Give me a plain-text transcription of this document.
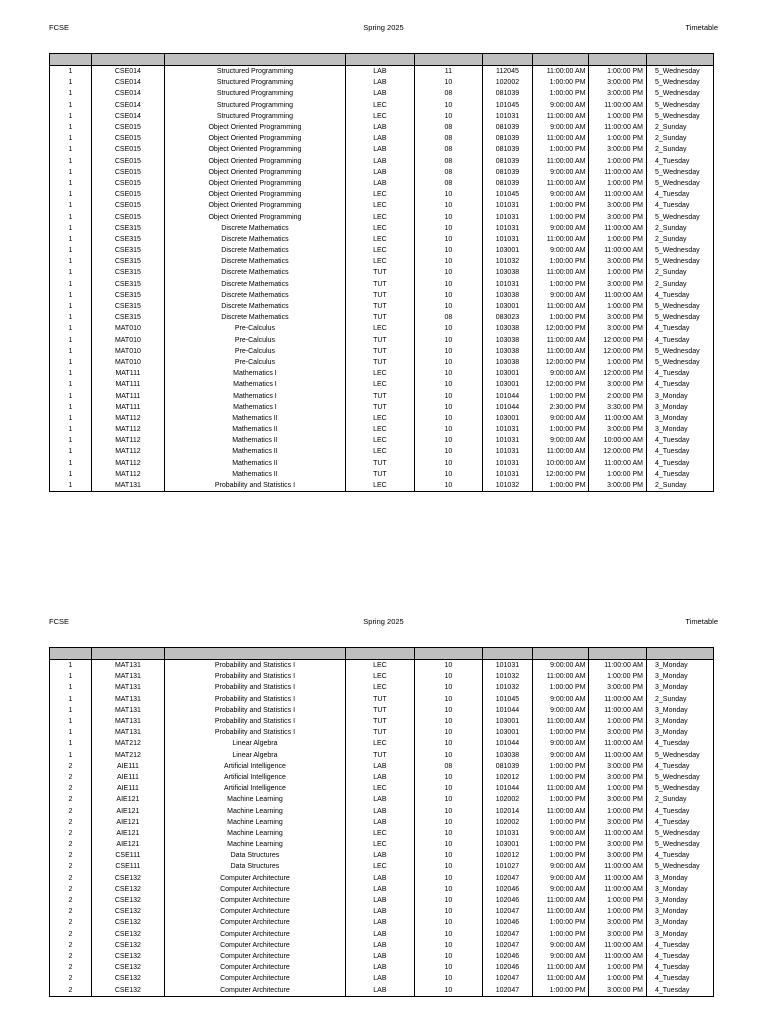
FCSE	Spring 2025	Timetable

1	CSE014	Structured Programming	LAB	11	112045	11:00:00 AM	1:00:00 PM	5_Wednesday
1	CSE014	Structured Programming	LAB	10	102002	1:00:00 PM	3:00:00 PM	5_Wednesday
1	CSE014	Structured Programming	LAB	08	081039	1:00:00 PM	3:00:00 PM	5_Wednesday
1	CSE014	Structured Programming	LEC	10	101045	9:00:00 AM	11:00:00 AM	5_Wednesday
1	CSE014	Structured Programming	LEC	10	101031	11:00:00 AM	1:00:00 PM	5_Wednesday
1	CSE015	Object Oriented Programming	LAB	08	081039	9:00:00 AM	11:00:00 AM	2_Sunday
1	CSE015	Object Oriented Programming	LAB	08	081039	11:00:00 AM	1:00:00 PM	2_Sunday
1	CSE015	Object Oriented Programming	LAB	08	081039	1:00:00 PM	3:00:00 PM	2_Sunday
1	CSE015	Object Oriented Programming	LAB	08	081039	11:00:00 AM	1:00:00 PM	4_Tuesday
1	CSE015	Object Oriented Programming	LAB	08	081039	9:00:00 AM	11:00:00 AM	5_Wednesday
1	CSE015	Object Oriented Programming	LAB	08	081039	11:00:00 AM	1:00:00 PM	5_Wednesday
1	CSE015	Object Oriented Programming	LEC	10	101045	9:00:00 AM	11:00:00 AM	4_Tuesday
1	CSE015	Object Oriented Programming	LEC	10	101031	1:00:00 PM	3:00:00 PM	4_Tuesday
1	CSE015	Object Oriented Programming	LEC	10	101031	1:00:00 PM	3:00:00 PM	5_Wednesday
1	CSE315	Discrete Mathematics	LEC	10	101031	9:00:00 AM	11:00:00 AM	2_Sunday
1	CSE315	Discrete Mathematics	LEC	10	101031	11:00:00 AM	1:00:00 PM	2_Sunday
1	CSE315	Discrete Mathematics	LEC	10	103001	9:00:00 AM	11:00:00 AM	5_Wednesday
1	CSE315	Discrete Mathematics	LEC	10	101032	1:00:00 PM	3:00:00 PM	5_Wednesday
1	CSE315	Discrete Mathematics	TUT	10	103038	11:00:00 AM	1:00:00 PM	2_Sunday
1	CSE315	Discrete Mathematics	TUT	10	101031	1:00:00 PM	3:00:00 PM	2_Sunday
1	CSE315	Discrete Mathematics	TUT	10	103038	9:00:00 AM	11:00:00 AM	4_Tuesday
1	CSE315	Discrete Mathematics	TUT	10	103001	11:00:00 AM	1:00:00 PM	5_Wednesday
1	CSE315	Discrete Mathematics	TUT	08	083023	1:00:00 PM	3:00:00 PM	5_Wednesday
1	MAT010	Pre-Calculus	LEC	10	103038	12:00:00 PM	3:00:00 PM	4_Tuesday
1	MAT010	Pre-Calculus	TUT	10	103038	11:00:00 AM	12:00:00 PM	4_Tuesday
1	MAT010	Pre-Calculus	TUT	10	103038	11:00:00 AM	12:00:00 PM	5_Wednesday
1	MAT010	Pre-Calculus	TUT	10	103038	12:00:00 PM	1:00:00 PM	5_Wednesday
1	MAT111	Mathematics I	LEC	10	103001	9:00:00 AM	12:00:00 PM	4_Tuesday
1	MAT111	Mathematics I	LEC	10	103001	12:00:00 PM	3:00:00 PM	4_Tuesday
1	MAT111	Mathematics I	TUT	10	101044	1:00:00 PM	2:00:00 PM	3_Monday
1	MAT111	Mathematics I	TUT	10	101044	2:30:00 PM	3:30:00 PM	3_Monday
1	MAT112	Mathematics II	LEC	10	103001	9:00:00 AM	11:00:00 AM	3_Monday
1	MAT112	Mathematics II	LEC	10	101031	1:00:00 PM	3:00:00 PM	3_Monday
1	MAT112	Mathematics II	LEC	10	101031	9:00:00 AM	10:00:00 AM	4_Tuesday
1	MAT112	Mathematics II	LEC	10	101031	11:00:00 AM	12:00:00 PM	4_Tuesday
1	MAT112	Mathematics II	TUT	10	101031	10:00:00 AM	11:00:00 AM	4_Tuesday
1	MAT112	Mathematics II	TUT	10	101031	12:00:00 PM	1:00:00 PM	4_Tuesday
1	MAT131	Probability and Statistics I	LEC	10	101032	1:00:00 PM	3:00:00 PM	2_Sunday
FCSE	Spring 2025	Timetable

1	MAT131	Probability and Statistics I	LEC	10	101031	9:00:00 AM	11:00:00 AM	3_Monday
1	MAT131	Probability and Statistics I	LEC	10	101032	11:00:00 AM	1:00:00 PM	3_Monday
1	MAT131	Probability and Statistics I	LEC	10	101032	1:00:00 PM	3:00:00 PM	3_Monday
1	MAT131	Probability and Statistics I	TUT	10	101045	9:00:00 AM	11:00:00 AM	2_Sunday
1	MAT131	Probability and Statistics I	TUT	10	101044	9:00:00 AM	11:00:00 AM	3_Monday
1	MAT131	Probability and Statistics I	TUT	10	103001	11:00:00 AM	1:00:00 PM	3_Monday
1	MAT131	Probability and Statistics I	TUT	10	103001	1:00:00 PM	3:00:00 PM	3_Monday
1	MAT212	Linear Algebra	LEC	10	101044	9:00:00 AM	11:00:00 AM	4_Tuesday
1	MAT212	Linear Algebra	TUT	10	103038	9:00:00 AM	11:00:00 AM	5_Wednesday
2	AIE111	Artificial Intelligence	LAB	08	081039	1:00:00 PM	3:00:00 PM	4_Tuesday
2	AIE111	Artificial Intelligence	LAB	10	102012	1:00:00 PM	3:00:00 PM	5_Wednesday
2	AIE111	Artificial Intelligence	LEC	10	101044	11:00:00 AM	1:00:00 PM	5_Wednesday
2	AIE121	Machine Learning	LAB	10	102002	1:00:00 PM	3:00:00 PM	2_Sunday
2	AIE121	Machine Learning	LAB	10	102014	11:00:00 AM	1:00:00 PM	4_Tuesday
2	AIE121	Machine Learning	LAB	10	102002	1:00:00 PM	3:00:00 PM	4_Tuesday
2	AIE121	Machine Learning	LEC	10	101031	9:00:00 AM	11:00:00 AM	5_Wednesday
2	AIE121	Machine Learning	LEC	10	103001	1:00:00 PM	3:00:00 PM	5_Wednesday
2	CSE111	Data Structures	LAB	10	102012	1:00:00 PM	3:00:00 PM	4_Tuesday
2	CSE111	Data Structures	LEC	10	101027	9:00:00 AM	11:00:00 AM	5_Wednesday
2	CSE132	Computer Architecture	LAB	10	102047	9:00:00 AM	11:00:00 AM	3_Monday
2	CSE132	Computer Architecture	LAB	10	102046	9:00:00 AM	11:00:00 AM	3_Monday
2	CSE132	Computer Architecture	LAB	10	102046	11:00:00 AM	1:00:00 PM	3_Monday
2	CSE132	Computer Architecture	LAB	10	102047	11:00:00 AM	1:00:00 PM	3_Monday
2	CSE132	Computer Architecture	LAB	10	102046	1:00:00 PM	3:00:00 PM	3_Monday
2	CSE132	Computer Architecture	LAB	10	102047	1:00:00 PM	3:00:00 PM	3_Monday
2	CSE132	Computer Architecture	LAB	10	102047	9:00:00 AM	11:00:00 AM	4_Tuesday
2	CSE132	Computer Architecture	LAB	10	102046	9:00:00 AM	11:00:00 AM	4_Tuesday
2	CSE132	Computer Architecture	LAB	10	102046	11:00:00 AM	1:00:00 PM	4_Tuesday
2	CSE132	Computer Architecture	LAB	10	102047	11:00:00 AM	1:00:00 PM	4_Tuesday
2	CSE132	Computer Architecture	LAB	10	102047	1:00:00 PM	3:00:00 PM	4_Tuesday
